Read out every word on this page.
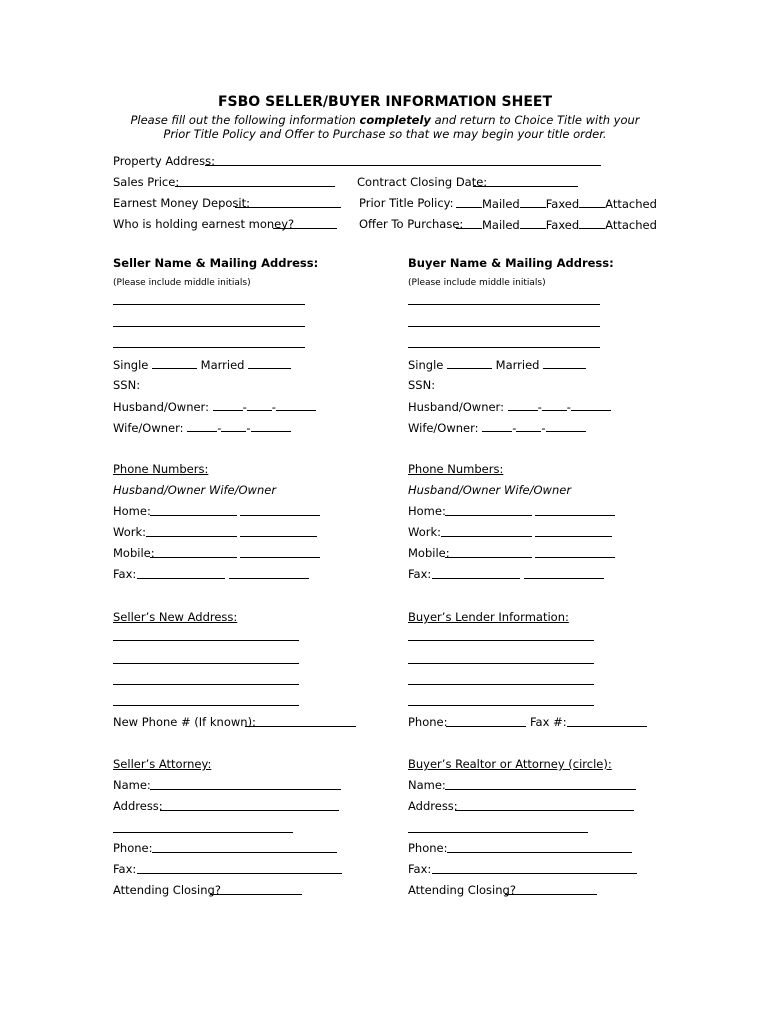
FSBO SELLER/BUYER INFORMATION SHEET
Please fill out the following information completely and return to Choice Title with your
Prior Title Policy and Offer to Purchase so that we may begin your title order.
Property Address:
Sales Price:	Contract Closing Date:
Earnest Money Deposit:	Prior Title Policy:	Mailed Faxed Attached
Who is holding earnest money?	Offer To Purchase:	Mailed Faxed Attached
Seller Name & Mailing Address:
(Please include middle initials)
Single	Married
SSN:
Husband/Owner:	- -
Wife/Owner:	- -
Phone Numbers:
Husband/Owner Wife/Owner
Home:
Work:
Mobile:
Fax:
Seller’s New Address:
New Phone # (If known):
Seller’s Attorney:
Name:
Address:
Phone:
Fax:
Attending Closing?
Buyer Name & Mailing Address:
(Please include middle initials)
Single	Married
SSN:
Husband/Owner:	- -
Wife/Owner:	- -
Phone Numbers:
Husband/Owner Wife/Owner
Home:
Work:
Mobile:
Fax:
Buyer’s Lender Information:
Phone:	Fax #:
Buyer’s Realtor or Attorney (circle):
Name:
Address:
Phone:
Fax:
Attending Closing?
